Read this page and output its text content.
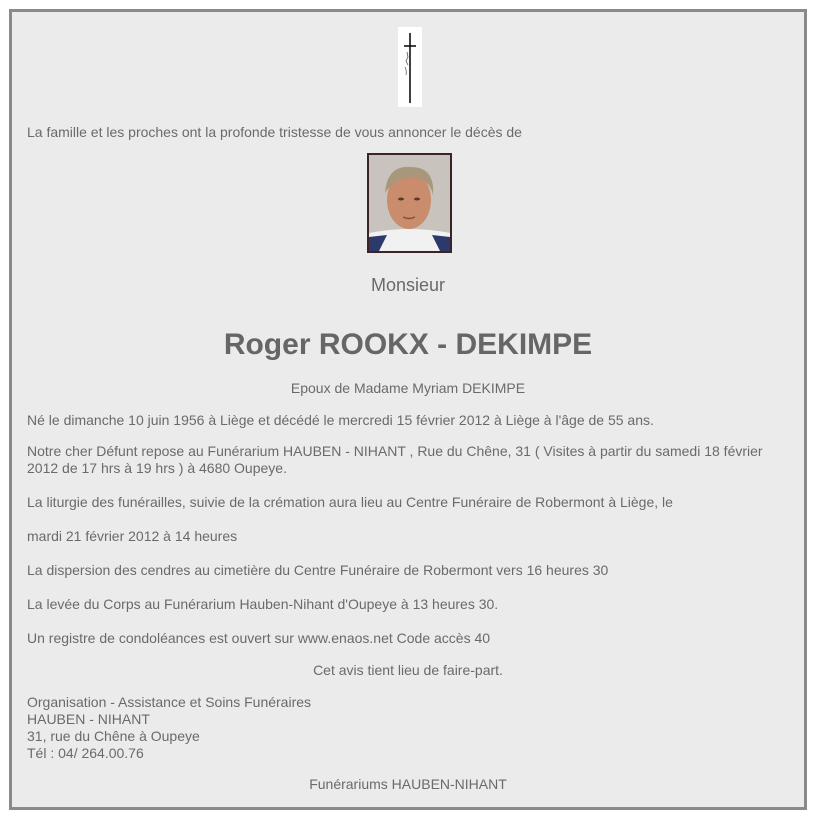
La famille et les proches ont la profonde tristesse de vous annoncer le décès de
Monsieur
Roger ROOKX - DEKIMPE
Epoux de Madame Myriam DEKIMPE
Né le dimanche 10 juin 1956 à Liège et décédé le mercredi 15 février 2012 à Liège à l'âge de 55 ans.
Notre cher Défunt repose au Funérarium HAUBEN - NIHANT , Rue du Chêne, 31 ( Visites à partir du samedi 18 février 2012 de 17 hrs à 19 hrs ) à 4680 Oupeye.
La liturgie des funérailles, suivie de la crémation aura lieu au Centre Funéraire de Robermont à Liège, le
mardi 21 février 2012 à 14 heures
La dispersion des cendres au cimetière du Centre Funéraire de Robermont vers 16 heures 30
La levée du Corps au Funérarium Hauben-Nihant d'Oupeye à 13 heures 30.
Un registre de condoléances est ouvert sur www.enaos.net Code accès 40
Cet avis tient lieu de faire-part.
Organisation - Assistance et Soins Funéraires
HAUBEN - NIHANT
31, rue du Chêne à Oupeye
Tél : 04/ 264.00.76
Funérariums HAUBEN-NIHANT
